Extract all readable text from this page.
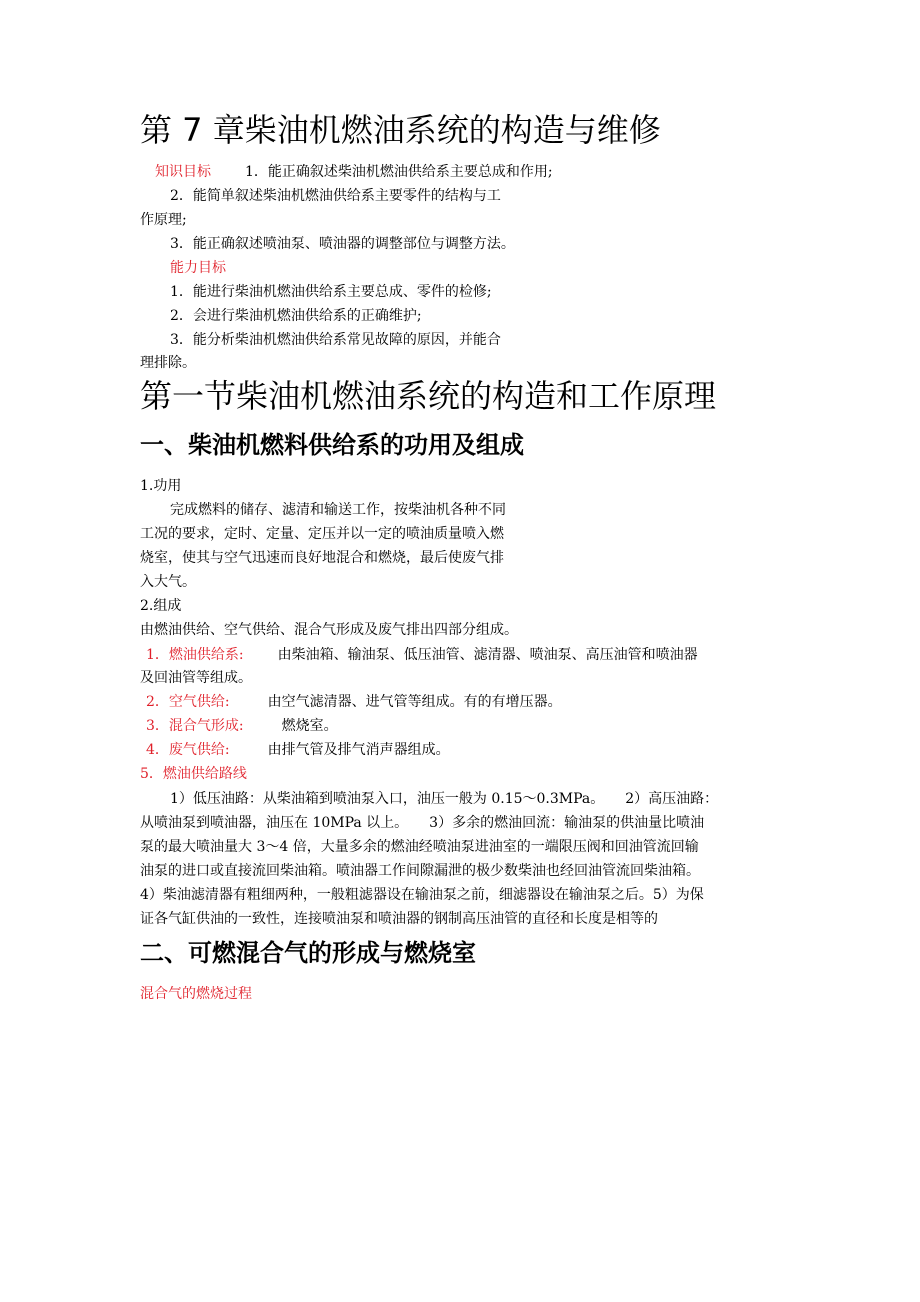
第 7 章柴油机燃油系统的构造与维修
知识目标 1．能正确叙述柴油机燃油供给系主要总成和作用;
2．能简单叙述柴油机燃油供给系主要零件的结构与工
作原理;
3．能正确叙述喷油泵、喷油器的调整部位与调整方法。
能力目标
1．能进行柴油机燃油供给系主要总成、零件的检修;
2．会进行柴油机燃油供给系的正确维护;
3．能分析柴油机燃油供给系常见故障的原因，并能合
理排除。
第一节柴油机燃油系统的构造和工作原理
一、柴油机燃料供给系的功用及组成
1.功用
完成燃料的储存、滤清和输送工作，按柴油机各种不同
工况的要求，定时、定量、定压并以一定的喷油质量喷入燃
烧室，使其与空气迅速而良好地混合和燃烧，最后使废气排
入大气。
2.组成
由燃油供给、空气供给、混合气形成及废气排出四部分组成。
1．燃油供给系: 由柴油箱、输油泵、低压油管、滤清器、喷油泵、高压油管和喷油器
及回油管等组成。
2．空气供给:	由空气滤清器、进气管等组成。有的有增压器。
3．混合气形成:	燃烧室。
4．废气供给:	由排气管及排气消声器组成。
5．燃油供给路线
1）低压油路：从柴油箱到喷油泵入口，油压一般为 0.15～0.3MPa。　　2）高压油路：
从喷油泵到喷油器，油压在 10MPa 以上。　　3）多余的燃油回流：输油泵的供油量比喷油
泵的最大喷油量大 3～4 倍，大量多余的燃油经喷油泵进油室的一端限压阀和回油管流回输
油泵的进口或直接流回柴油箱。喷油器工作间隙漏泄的极少数柴油也经回油管流回柴油箱。
4）柴油滤清器有粗细两种，一般粗滤器设在输油泵之前，细滤器设在输油泵之后。5）为保
证各气缸供油的一致性，连接喷油泵和喷油器的钢制高压油管的直径和长度是相等的
二、可燃混合气的形成与燃烧室
混合气的燃烧过程
